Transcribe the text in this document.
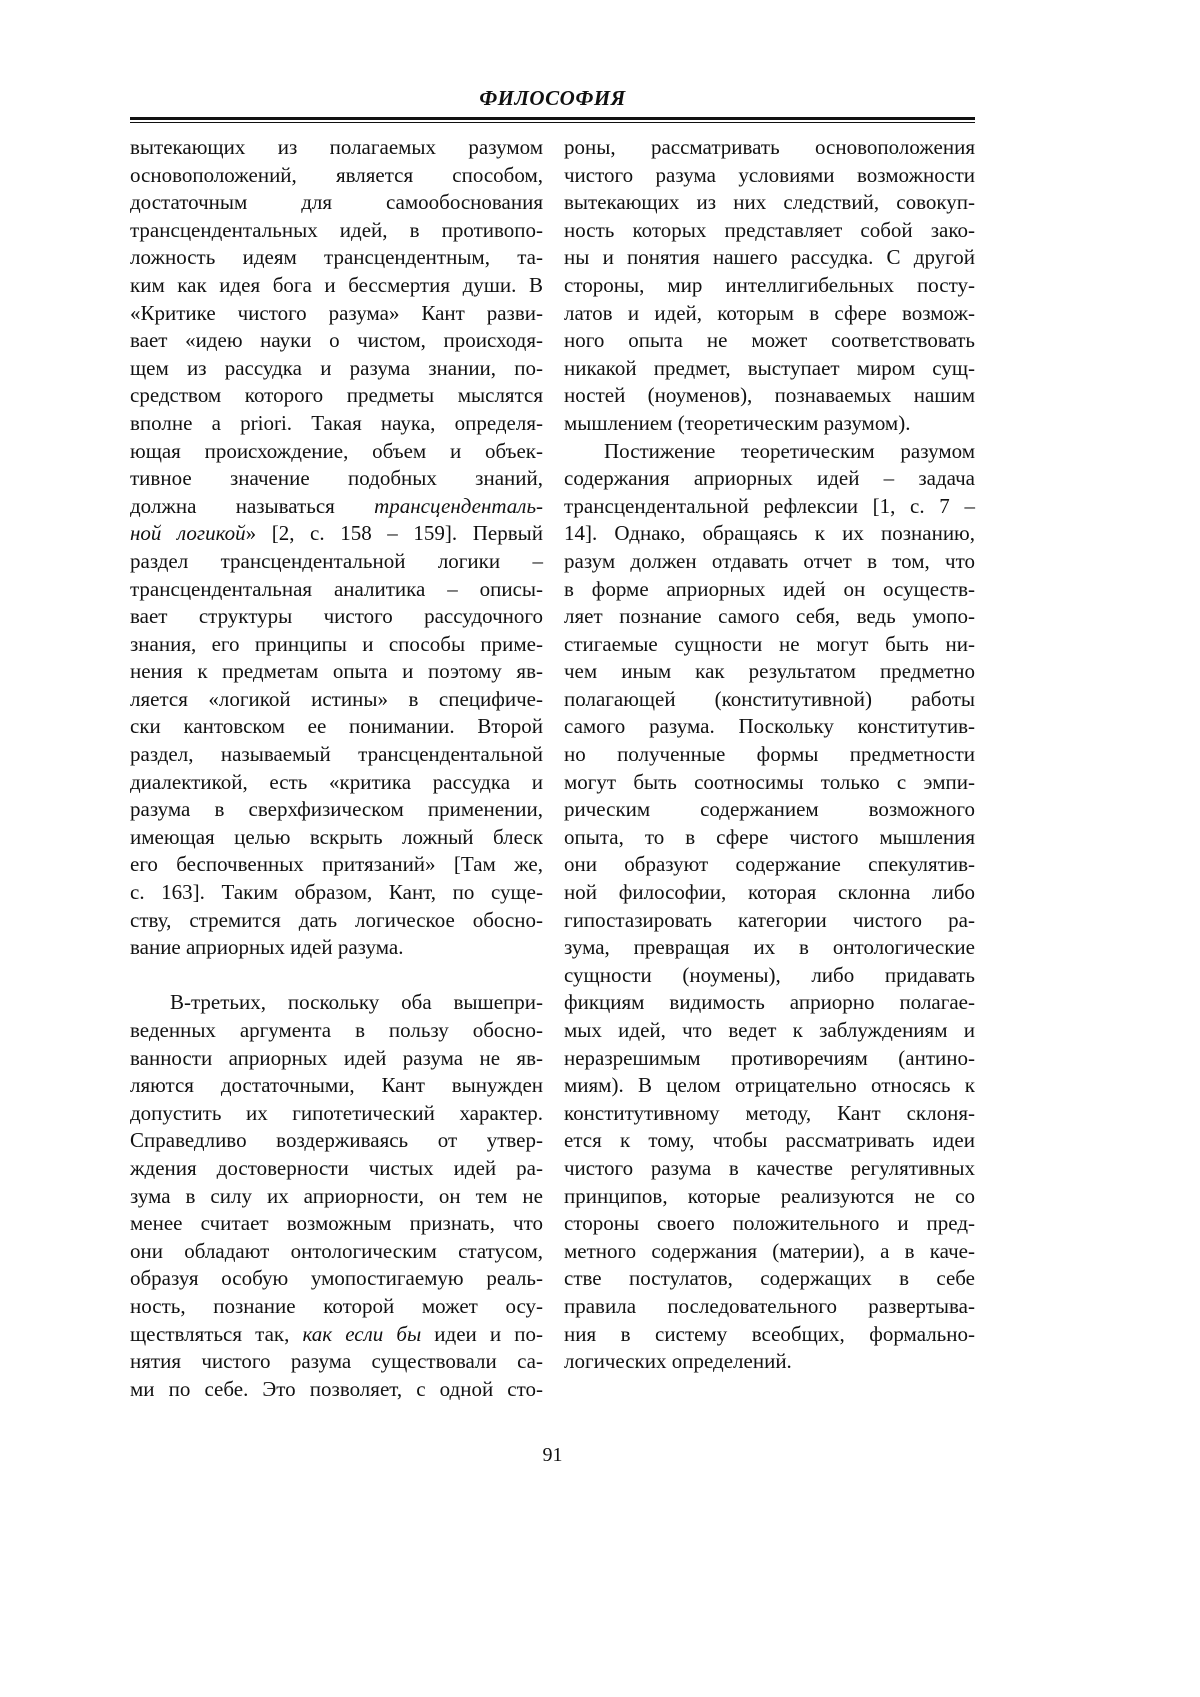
ФИЛОСОФИЯ
вытекающих из полагаемых разумом
основоположений, является способом,
достаточным для самообоснования
трансцендентальных идей, в противопо-
ложность идеям трансцендентным, та-
ким как идея бога и бессмертия души. В
«Критике чистого разума» Кант разви-
вает «идею науки о чистом, происходя-
щем из рассудка и разума знании, по-
средством которого предметы мыслятся
вполне a priori. Такая наука, определя-
ющая происхождение, объем и объек-
тивное значение подобных знаний,
должна называться трансценденталь-
ной логикой» [2, с. 158 – 159]. Первый
раздел трансцендентальной логики –
трансцендентальная аналитика – описы-
вает структуры чистого рассудочного
знания, его принципы и способы приме-
нения к предметам опыта и поэтому яв-
ляется «логикой истины» в специфиче-
ски кантовском ее понимании. Второй
раздел, называемый трансцендентальной
диалектикой, есть «критика рассудка и
разума в сверхфизическом применении,
имеющая целью вскрыть ложный блеск
его беспочвенных притязаний» [Там же,
с. 163]. Таким образом, Кант, по суще-
ству, стремится дать логическое обосно-
вание априорных идей разума.
В-третьих, поскольку оба вышепри-
веденных аргумента в пользу обосно-
ванности априорных идей разума не яв-
ляются достаточными, Кант вынужден
допустить их гипотетический характер.
Справедливо воздерживаясь от утвер-
ждения достоверности чистых идей ра-
зума в силу их априорности, он тем не
менее считает возможным признать, что
они обладают онтологическим статусом,
образуя особую умопостигаемую реаль-
ность, познание которой может осу-
ществляться так, как если бы идеи и по-
нятия чистого разума существовали са-
ми по себе. Это позволяет, с одной сто-
роны, рассматривать основоположения
чистого разума условиями возможности
вытекающих из них следствий, совокуп-
ность которых представляет собой зако-
ны и понятия нашего рассудка. С другой
стороны, мир интеллигибельных посту-
латов и идей, которым в сфере возмож-
ного опыта не может соответствовать
никакой предмет, выступает миром сущ-
ностей (ноуменов), познаваемых нашим
мышлением (теоретическим разумом).
Постижение теоретическим разумом
содержания априорных идей – задача
трансцендентальной рефлексии [1, с. 7 –
14]. Однако, обращаясь к их познанию,
разум должен отдавать отчет в том, что
в форме априорных идей он осуществ-
ляет познание самого себя, ведь умопо-
стигаемые сущности не могут быть ни-
чем иным как результатом предметно
полагающей (конститутивной) работы
самого разума. Поскольку конститутив-
но полученные формы предметности
могут быть соотносимы только с эмпи-
рическим содержанием возможного
опыта, то в сфере чистого мышления
они образуют содержание спекулятив-
ной философии, которая склонна либо
гипостазировать категории чистого ра-
зума, превращая их в онтологические
сущности (ноумены), либо придавать
фикциям видимость априорно полагае-
мых идей, что ведет к заблуждениям и
неразрешимым противоречиям (антино-
миям). В целом отрицательно относясь к
конститутивному методу, Кант склоня-
ется к тому, чтобы рассматривать идеи
чистого разума в качестве регулятивных
принципов, которые реализуются не со
стороны своего положительного и пред-
метного содержания (материи), а в каче-
стве постулатов, содержащих в себе
правила последовательного развертыва-
ния в систему всеобщих, формально-
логических определений.
91
